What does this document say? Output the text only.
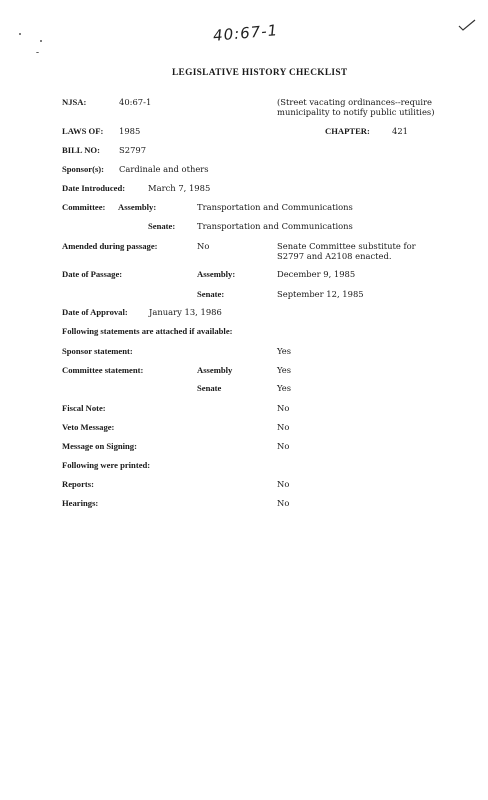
40:67-1
LEGISLATIVE HISTORY CHECKLIST
NJSA:	40:67-1	(Street vacating ordinances--require
municipality to notify public utilities)
LAWS OF: 1985	CHAPTER:	421
BILL NO: S2797
Sponsor(s): Cardinale and others
Date Introduced:	March 7, 1985
Committee: Assembly:	Transportation and Communications
Senate:	Transportation and Communications
Amended during passage:	No	Senate Committee substitute for
S2797 and A2108 enacted.
Date of Passage:	Assembly:	December 9, 1985
Senate:	September 12, 1985
Date of Approval:	January 13, 1986
Following statements are attached if available:
Sponsor statement:	Yes
Committee statement:	Assembly	Yes
Senate	Yes
Fiscal Note:	No
Veto Message:	No
Message on Signing:	No
Following were printed:
Reports:	No
Hearings:	No
